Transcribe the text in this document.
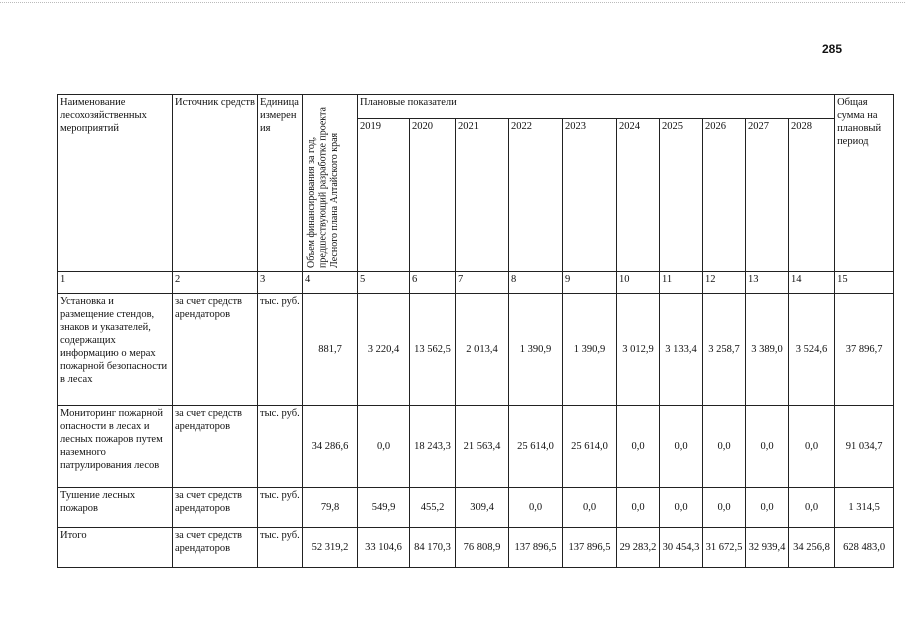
285
Наименование лесохозяйственных мероприятий	Источник средств	Единица измерен ия	Объем финансирования за год, предшествующий разработке проекта Лесного плана Алтайского края	Плановые показатели										Общая сумма на плановый период
				2019	2020	2021	2022	2023	2024	2025	2026	2027	2028	
1	2	3	4	5	6	7	8	9	10	11	12	13	14	15
Установка и размещение стендов, знаков и указателей, содержащих информацию о мерах пожарной безопасности в лесах	за счет средств арендаторов	тыс. руб.	881,7	3 220,4	13 562,5	2 013,4	1 390,9	1 390,9	3 012,9	3 133,4	3 258,7	3 389,0	3 524,6	37 896,7
Мониторинг пожарной опасности в лесах и лесных пожаров путем наземного патрулирования лесов	за счет средств арендаторов	тыс. руб.	34 286,6	0,0	18 243,3	21 563,4	25 614,0	25 614,0	0,0	0,0	0,0	0,0	0,0	91 034,7
Тушение лесных пожаров	за счет средств арендаторов	тыс. руб.	79,8	549,9	455,2	309,4	0,0	0,0	0,0	0,0	0,0	0,0	0,0	1 314,5
Итого	за счет средств арендаторов	тыс. руб.	52 319,2	33 104,6	84 170,3	76 808,9	137 896,5	137 896,5	29 283,2	30 454,3	31 672,5	32 939,4	34 256,8	628 483,0
